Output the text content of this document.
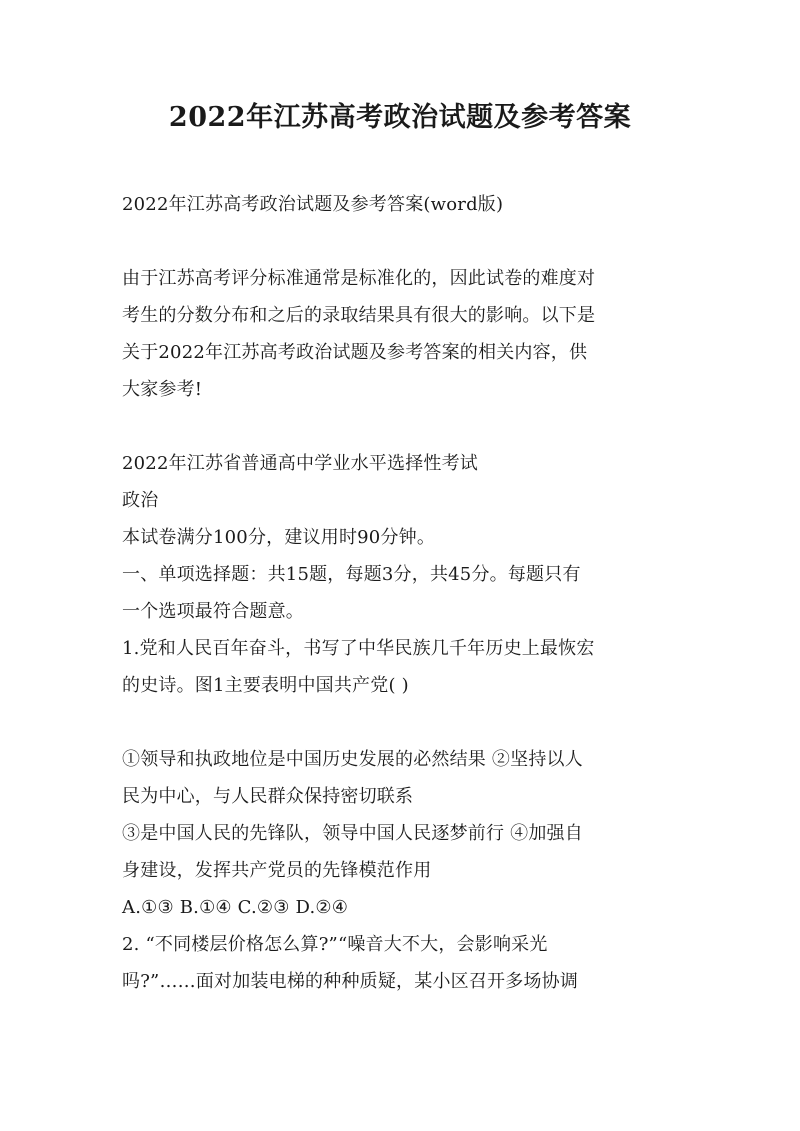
2022年江苏高考政治试题及参考答案

2022年江苏高考政治试题及参考答案(word版)

由于江苏高考评分标准通常是标准化的，因此试卷的难度对
考生的分数分布和之后的录取结果具有很大的影响。以下是
关于2022年江苏高考政治试题及参考答案的相关内容，供
大家参考!

2022年江苏省普通高中学业水平选择性考试
政治
本试卷满分100分，建议用时90分钟。
一、单项选择题：共15题，每题3分，共45分。每题只有
一个选项最符合题意。

1.党和人民百年奋斗，书写了中华民族几千年历史上最恢宏
的史诗。图1主要表明中国共产党( )

①领导和执政地位是中国历史发展的必然结果 ②坚持以人
民为中心，与人民群众保持密切联系
③是中国人民的先锋队，领导中国人民逐梦前行 ④加强自
身建设，发挥共产党员的先锋模范作用
A.①③ B.①④ C.②③ D.②④

2. “不同楼层价格怎么算?”“噪音大不大，会影响采光
吗?”……面对加装电梯的种种质疑，某小区召开多场协调
